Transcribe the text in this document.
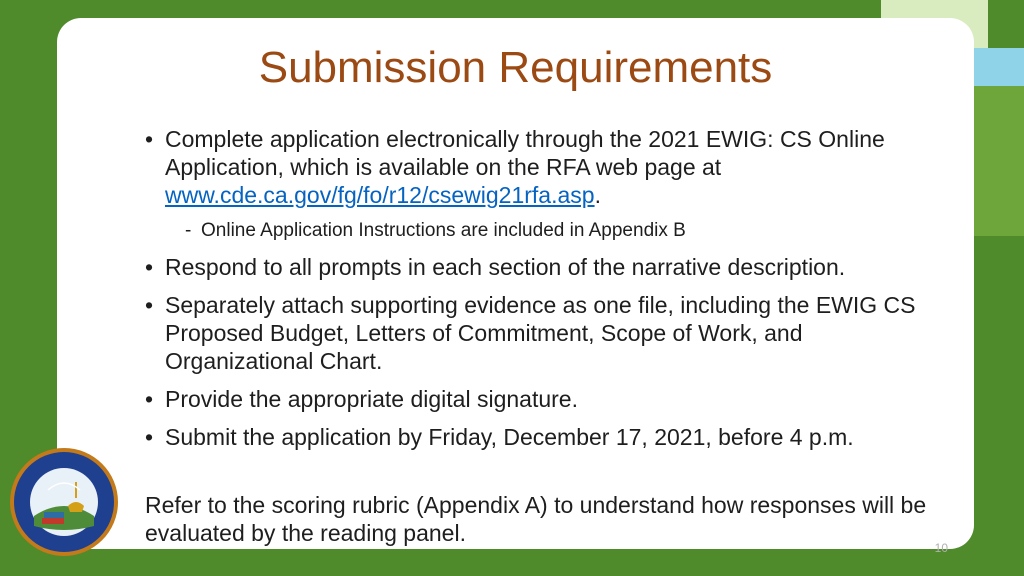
Submission Requirements
• Complete application electronically through the 2021 EWIG: CS Online Application, which is available on the RFA web page at www.cde.ca.gov/fg/fo/r12/csewig21rfa.asp.
- Online Application Instructions are included in Appendix B
• Respond to all prompts in each section of the narrative description.
• Separately attach supporting evidence as one file, including the EWIG CS Proposed Budget, Letters of Commitment, Scope of Work, and Organizational Chart.
• Provide the appropriate digital signature.
• Submit the application by Friday, December 17, 2021, before 4 p.m.
Refer to the scoring rubric (Appendix A) to understand how responses will be evaluated by the reading panel.
10
